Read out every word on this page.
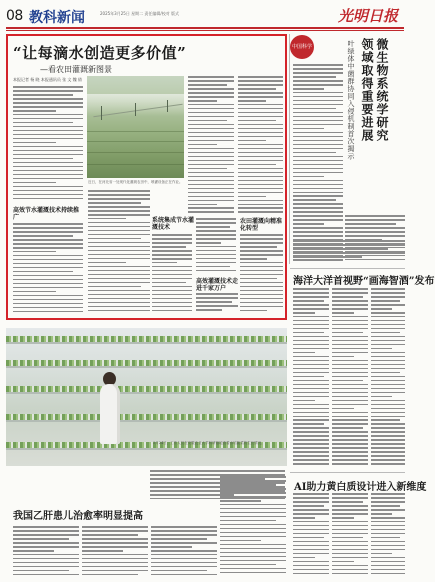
08 教科新闻	2025年3月25日 星期二 责任编辑/校对 版式	光明日报
“让每滴水创造更多价值”
—看农田灌溉新图景
本报记者 杨 晓 本报通讯员 张 文 魏 倩
近日，在河北省一处现代化灌溉农田中，喷灌设备正在作业。
高效节水灌溉技术持续推广	系统集成节水灌溉技术
高效灌溉技术走进千家万户
农田灌溉向精准化转型
中国科学	微生物系统学研究
领域取得重要进展
叶绿体中菌群协同入侵机制首次揭示
海洋大洋首视野“画海智酒”发布
3月24日，工作人员在安徽农业大学科研基地查看水培蔬菜的生长情况。
AI助力黄白质设计进入新维度
我国乙肝患儿治愈率明显提高
